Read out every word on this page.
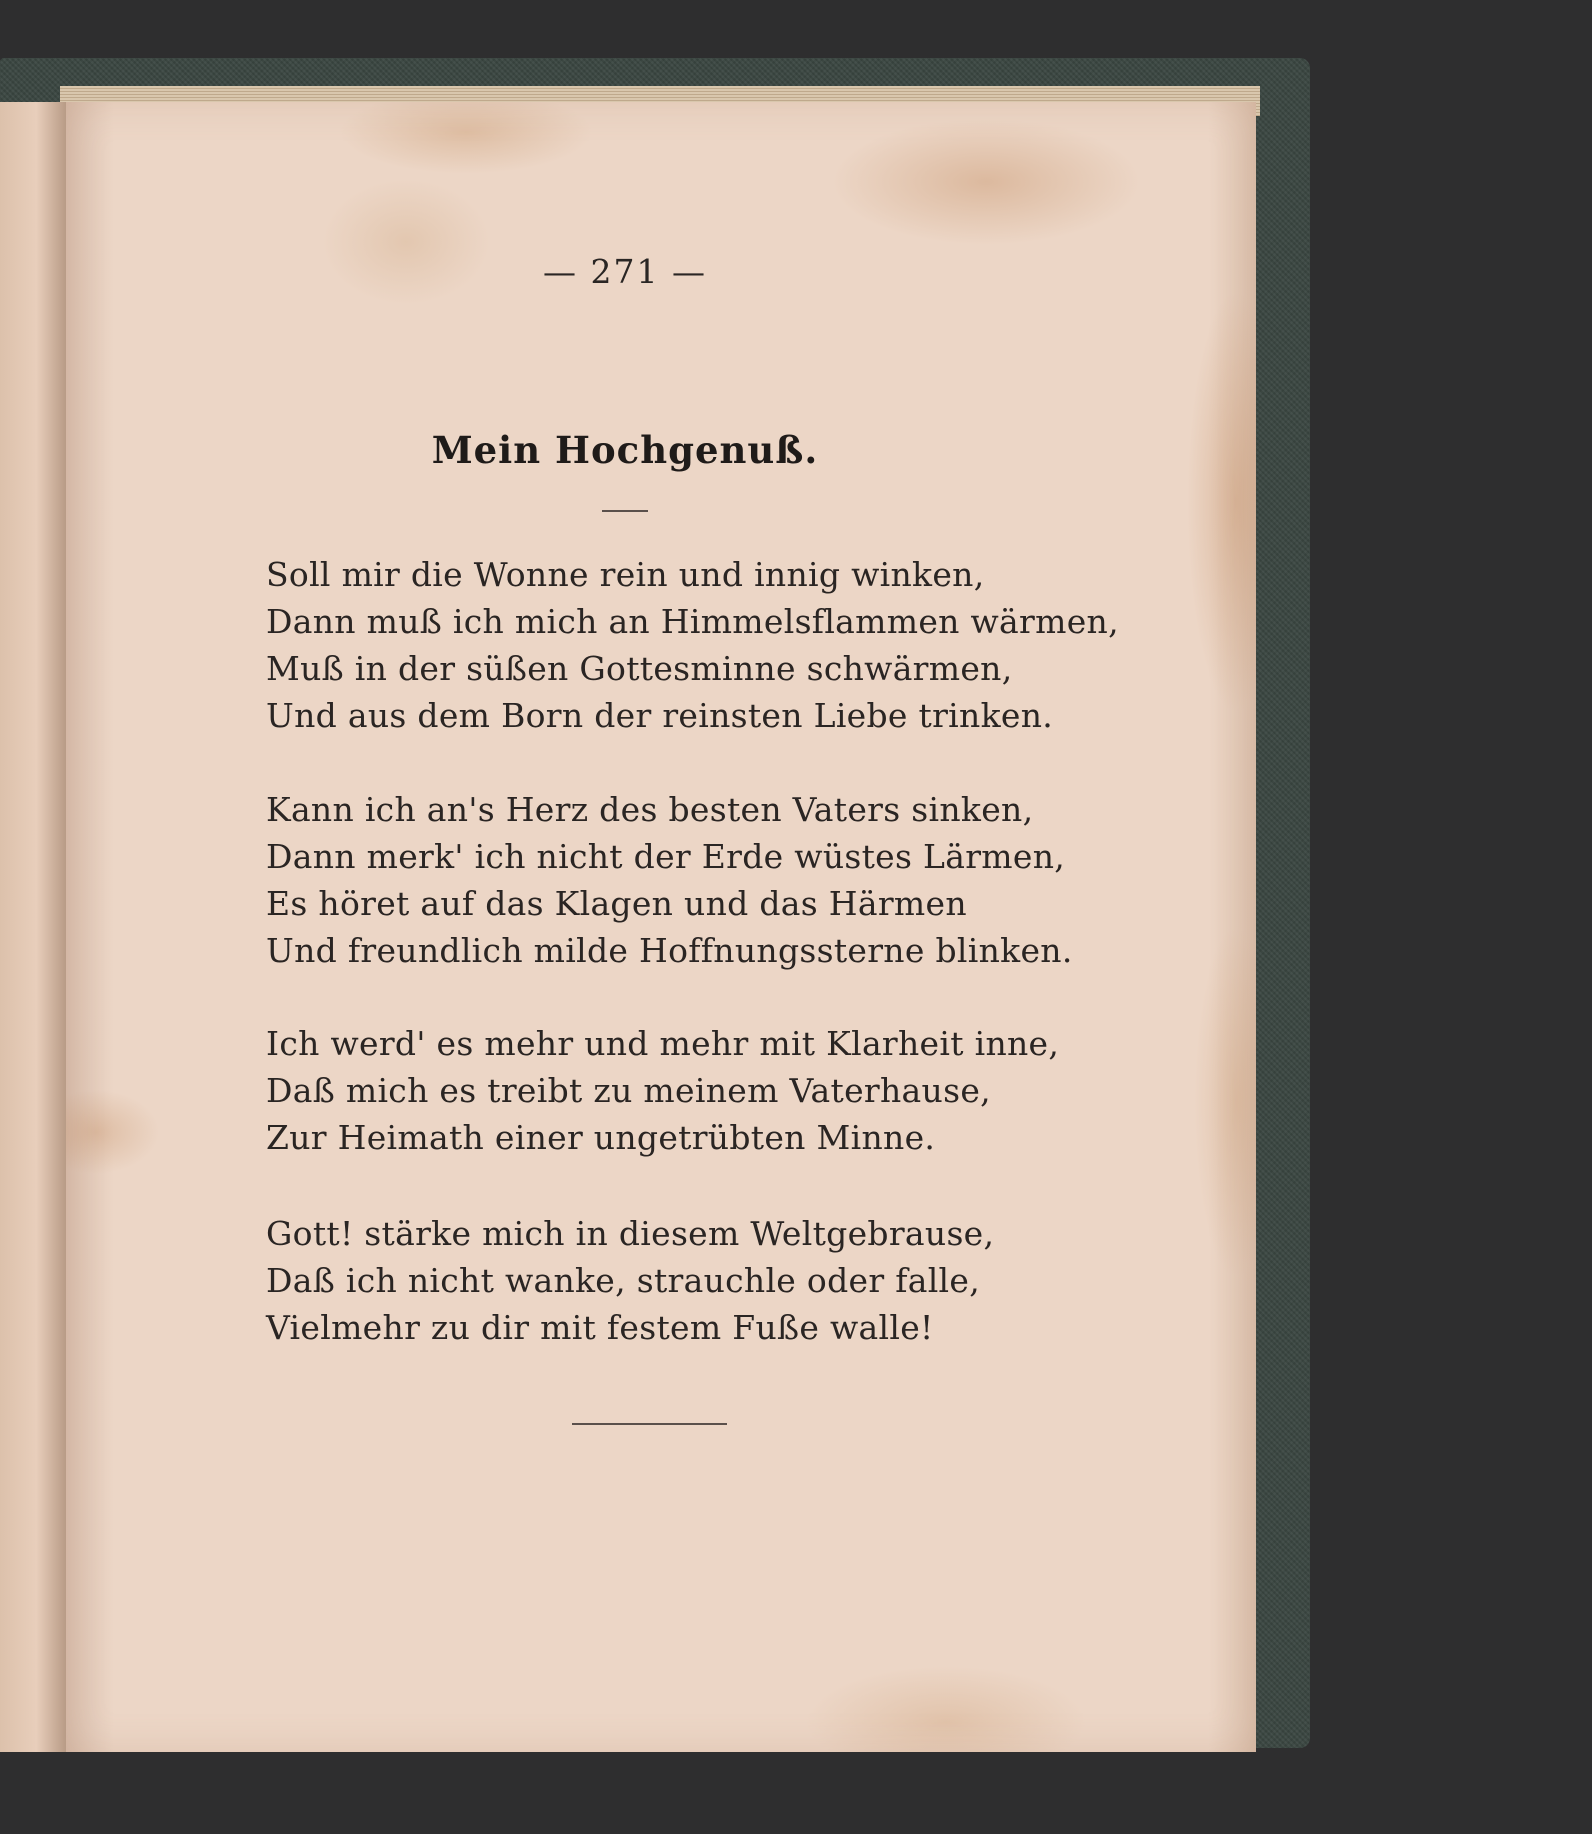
— 271 —
Mein Hochgenuß.
Soll mir die Wonne rein und innig winken,
Dann muß ich mich an Himmelsflammen wärmen,
Muß in der süßen Gottesminne schwärmen,
Und aus dem Born der reinsten Liebe trinken.
Kann ich an's Herz des besten Vaters sinken,
Dann merk' ich nicht der Erde wüstes Lärmen,
Es höret auf das Klagen und das Härmen
Und freundlich milde Hoffnungssterne blinken.
Ich werd' es mehr und mehr mit Klarheit inne,
Daß mich es treibt zu meinem Vaterhause,
Zur Heimath einer ungetrübten Minne.
Gott! stärke mich in diesem Weltgebrause,
Daß ich nicht wanke, strauchle oder falle,
Vielmehr zu dir mit festem Fuße walle!
